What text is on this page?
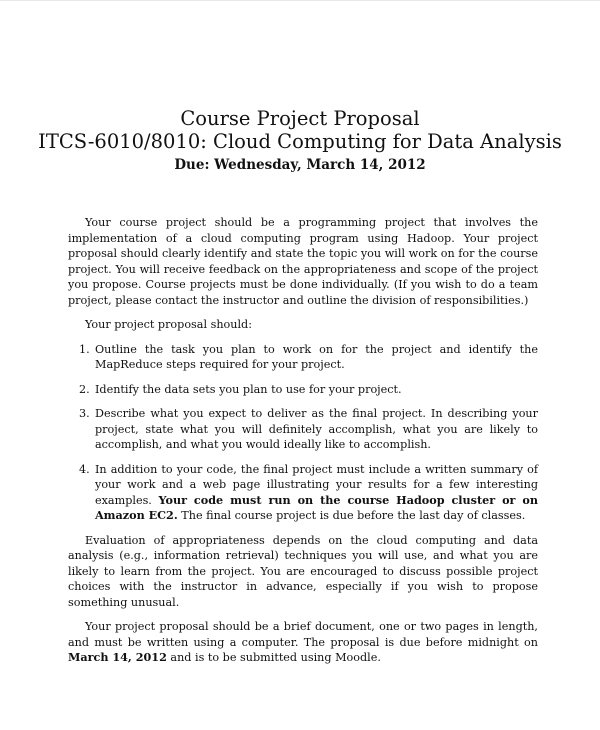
Course Project Proposal
ITCS-6010/8010: Cloud Computing for Data Analysis
Due: Wednesday, March 14, 2012

Your course project should be a programming project that involves the implementation of a cloud computing program using Hadoop. Your project proposal should clearly identify and state the topic you will work on for the course project. You will receive feedback on the appropriateness and scope of the project you propose. Course projects must be done individually. (If you wish to do a team project, please contact the instructor and outline the division of responsibilities.)

Your project proposal should:

1. Outline the task you plan to work on for the project and identify the MapReduce steps required for your project.
2. Identify the data sets you plan to use for your project.
3. Describe what you expect to deliver as the final project. In describing your project, state what you will definitely accomplish, what you are likely to accomplish, and what you would ideally like to accomplish.
4. In addition to your code, the final project must include a written summary of your work and a web page illustrating your results for a few interesting examples. Your code must run on the course Hadoop cluster or on Amazon EC2. The final course project is due before the last day of classes.

Evaluation of appropriateness depends on the cloud computing and data analysis (e.g., information retrieval) techniques you will use, and what you are likely to learn from the project. You are encouraged to discuss possible project choices with the instructor in advance, especially if you wish to propose something unusual.

Your project proposal should be a brief document, one or two pages in length, and must be written using a computer. The proposal is due before midnight on March 14, 2012 and is to be submitted using Moodle.
